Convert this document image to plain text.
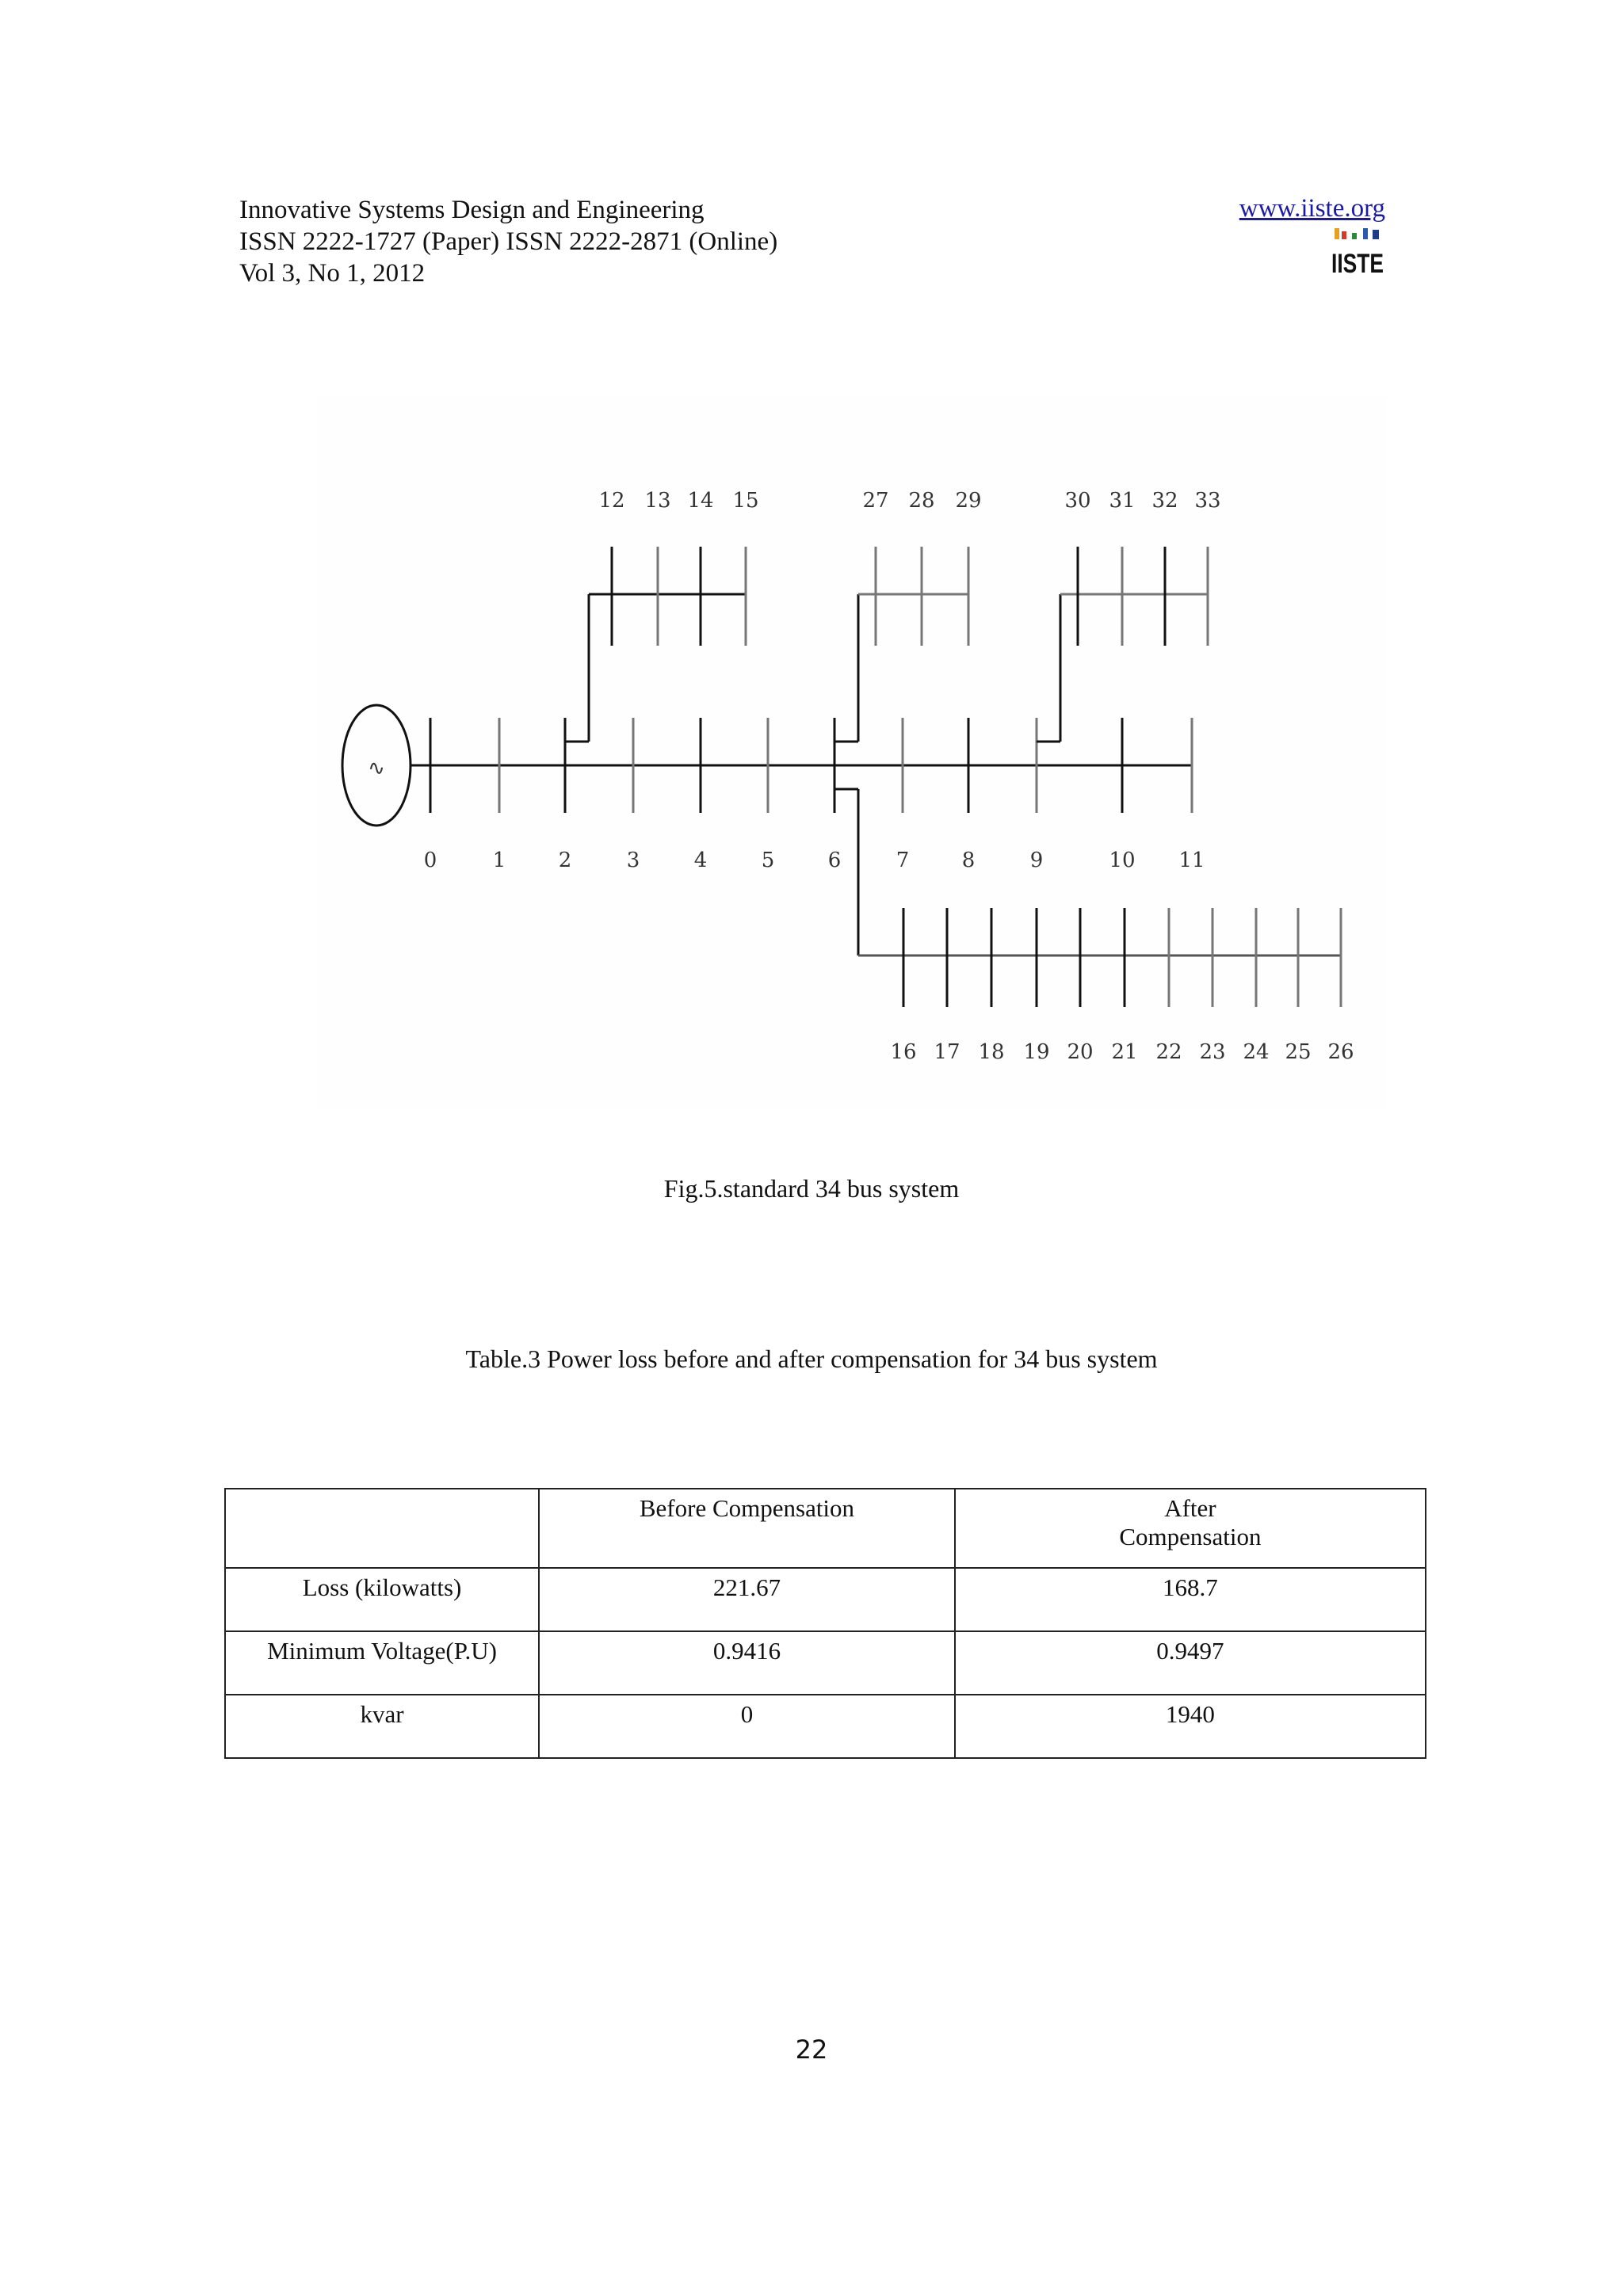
Innovative Systems Design and Engineering
ISSN 2222-1727 (Paper) ISSN 2222-2871 (Online)
Vol 3, No 1, 2012
www.iiste.org
IISTE
∿
0	1	2	3	4	5	6	7	8	9	10 11
12 13 14 15	27 28 29	30 31 32 33
16 17 18 19 20 21 22 23 24 25 26
Fig.5.standard 34 bus system
Table.3 Power loss before and after compensation for 34 bus system
	Before Compensation	After
Compensation
Loss (kilowatts)	221.67	168.7
Minimum Voltage(P.U)	0.9416	0.9497
kvar	0	1940
22
